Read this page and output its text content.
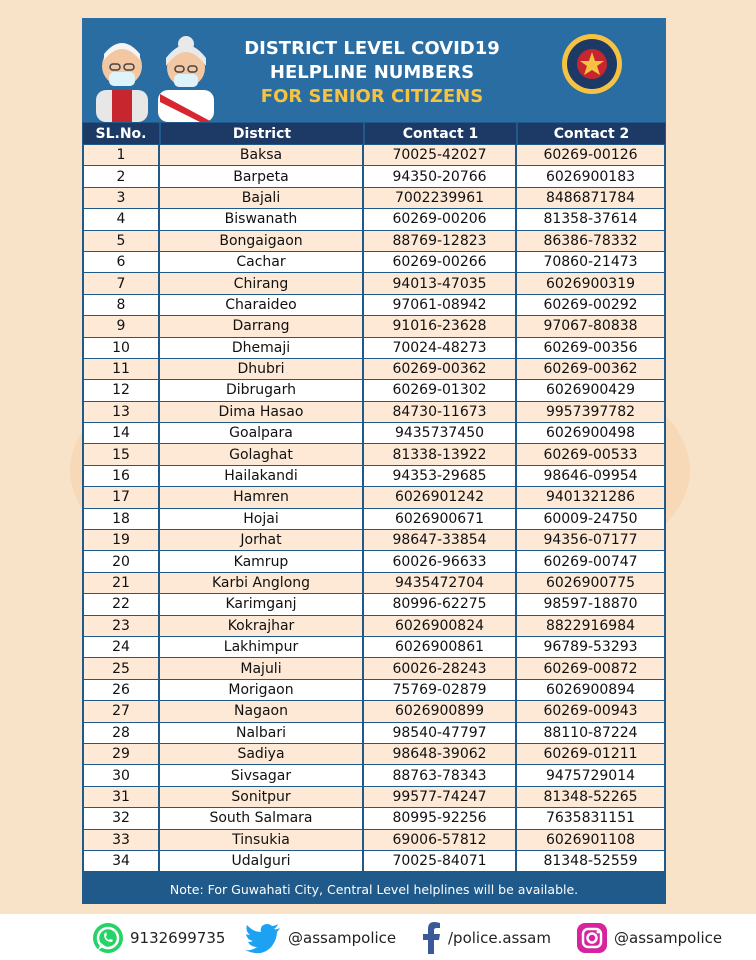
DISTRICT LEVEL COVID19
HELPLINE NUMBERS
FOR SENIOR CITIZENS
SL.No.	District	Contact 1	Contact 2
1	Baksa	70025-42027	60269-00126
2	Barpeta	94350-20766	6026900183
3	Bajali	7002239961	8486871784
4	Biswanath	60269-00206	81358-37614
5	Bongaigaon	88769-12823	86386-78332
6	Cachar	60269-00266	70860-21473
7	Chirang	94013-47035	6026900319
8	Charaideo	97061-08942	60269-00292
9	Darrang	91016-23628	97067-80838
10	Dhemaji	70024-48273	60269-00356
11	Dhubri	60269-00362	60269-00362
12	Dibrugarh	60269-01302	6026900429
13	Dima Hasao	84730-11673	9957397782
14	Goalpara	9435737450	6026900498
15	Golaghat	81338-13922	60269-00533
16	Hailakandi	94353-29685	98646-09954
17	Hamren	6026901242	9401321286
18	Hojai	6026900671	60009-24750
19	Jorhat	98647-33854	94356-07177
20	Kamrup	60026-96633	60269-00747
21	Karbi Anglong	9435472704	6026900775
22	Karimganj	80996-62275	98597-18870
23	Kokrajhar	6026900824	8822916984
24	Lakhimpur	6026900861	96789-53293
25	Majuli	60026-28243	60269-00872
26	Morigaon	75769-02879	6026900894
27	Nagaon	6026900899	60269-00943
28	Nalbari	98540-47797	88110-87224
29	Sadiya	98648-39062	60269-01211
30	Sivsagar	88763-78343	9475729014
31	Sonitpur	99577-74247	81348-52265
32	South Salmara	80995-92256	7635831151
33	Tinsukia	69006-57812	6026901108
34	Udalguri	70025-84071	81348-52559
Note: For Guwahati City, Central Level helplines will be available.
9132699735	@assampolice	/police.assam	@assampolice
